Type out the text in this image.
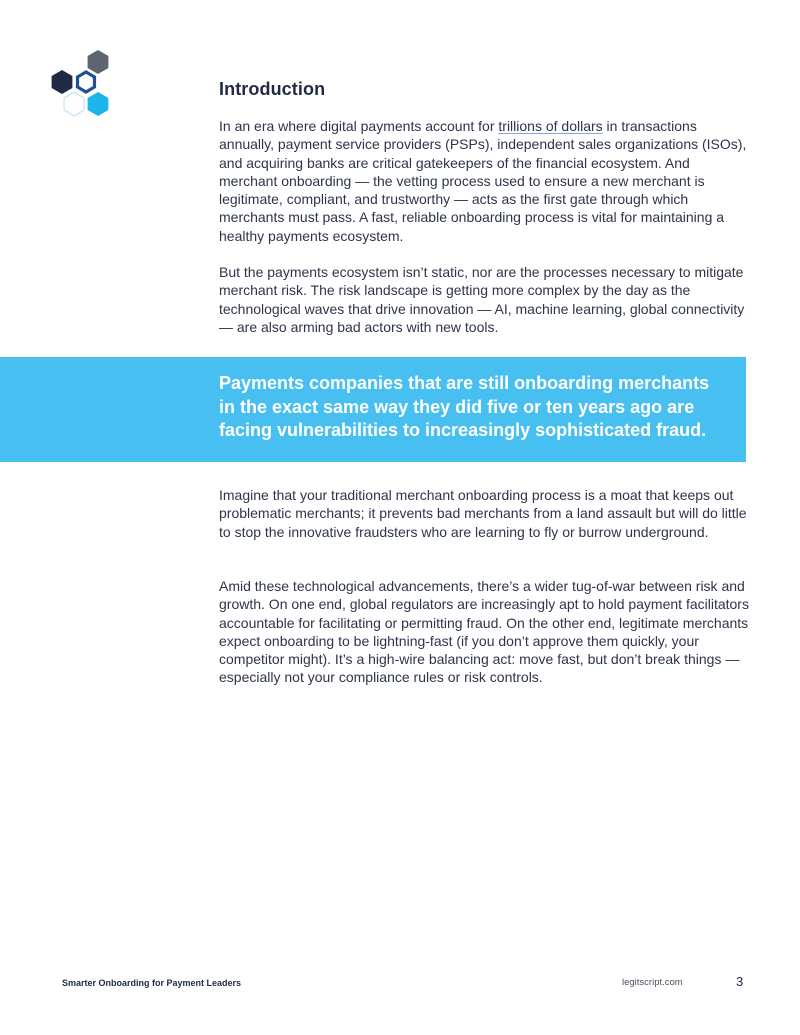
Introduction

In an era where digital payments account for trillions of dollars in transactions annually, payment service providers (PSPs), independent sales organizations (ISOs), and acquiring banks are critical gatekeepers of the financial ecosystem. And merchant onboarding — the vetting process used to ensure a new merchant is legitimate, compliant, and trustworthy — acts as the first gate through which merchants must pass. A fast, reliable onboarding process is vital for maintaining a healthy payments ecosystem.

But the payments ecosystem isn’t static, nor are the processes necessary to mitigate merchant risk. The risk landscape is getting more complex by the day as the technological waves that drive innovation — AI, machine learning, global connectivity — are also arming bad actors with new tools.

Payments companies that are still onboarding merchants in the exact same way they did five or ten years ago are facing vulnerabilities to increasingly sophisticated fraud.

Imagine that your traditional merchant onboarding process is a moat that keeps out problematic merchants; it prevents bad merchants from a land assault but will do little to stop the innovative fraudsters who are learning to fly or burrow underground.

Amid these technological advancements, there’s a wider tug-of-war between risk and growth. On one end, global regulators are increasingly apt to hold payment facilitators accountable for facilitating or permitting fraud. On the other end, legitimate merchants expect onboarding to be lightning-fast (if you don’t approve them quickly, your competitor might). It’s a high-wire balancing act: move fast, but don’t break things — especially not your compliance rules or risk controls.

Smarter Onboarding for Payment Leaders	legitscript.com	3
